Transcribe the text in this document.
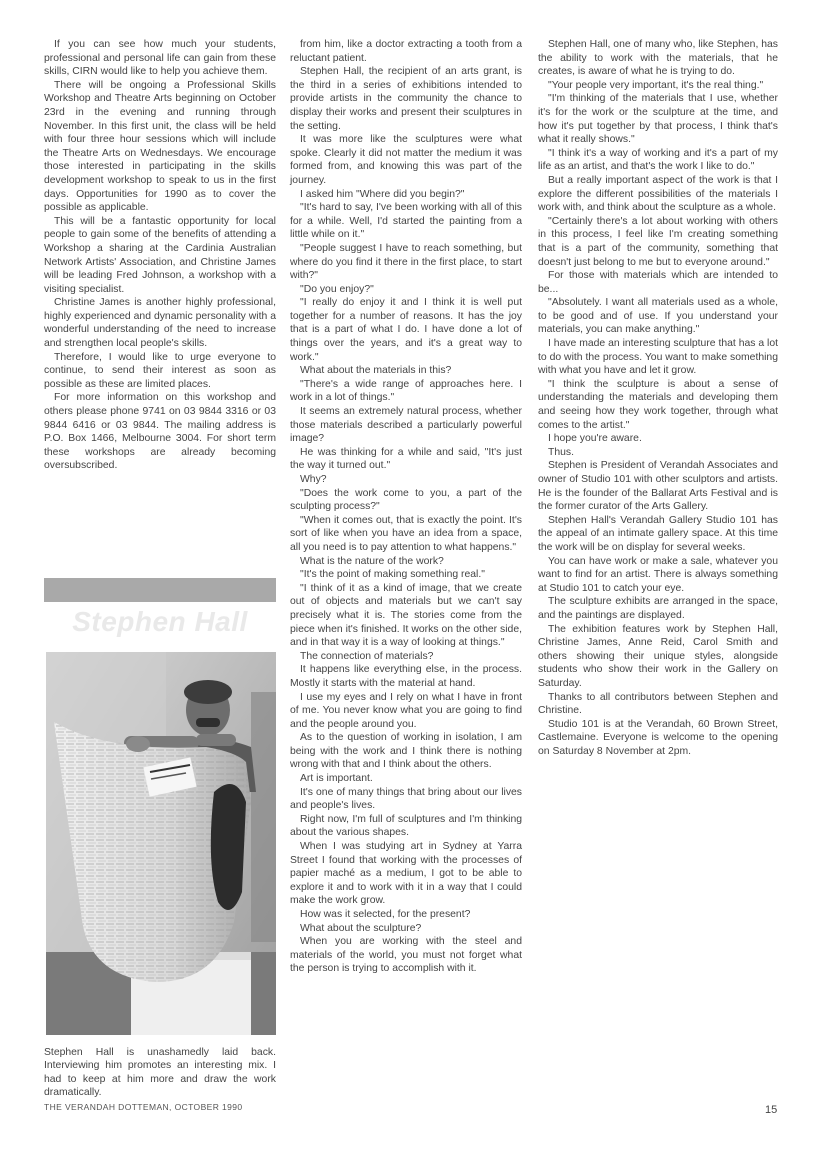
If you can see how much your students, professional and personal life can gain from these skills, CIRN would like to help you achieve them.

There will be ongoing a Professional Skills Workshop and Theatre Arts beginning on October 23rd in the evening and running through November. In this first unit, the class will be held with four three hour sessions which will include the Theatre Arts on Wednesdays. We encourage those interested in participating in the skills development workshop to speak to us in the first days. Opportunities for 1990 as to cover the possible as applicable.

This will be a fantastic opportunity for local people to gain some of the benefits of attending a Workshop a sharing at the Cardinia Australian Network Artists' Association, and Christine James will be leading Fred Johnson, a workshop with a visiting specialist.

Christine James is another highly professional, highly experienced and dynamic personality with a wonderful understanding of the need to increase and strengthen local people's skills.

Therefore, I would like to urge everyone to continue, to send their interest as soon as possible as these are limited places.

For more information on this workshop and others please phone 9741 on 03 9844 3316 or 03 9844 6416 or 03 9844. The mailing address is P.O. Box 1466, Melbourne 3004. For short term these workshops are already becoming oversubscribed.

Stephen Hall
Stephen Hall is unashamedly laid back. Interviewing him promotes an interesting mix. I had to keep at him more and draw the work dramatically.

from him, like a doctor extracting a tooth from a reluctant patient.

Stephen Hall, the recipient of an arts grant, is the third in a series of exhibitions intended to provide artists in the community the chance to display their works and present their sculptures in the setting.

It was more like the sculptures were what spoke. Clearly it did not matter the medium it was formed from, and knowing this was part of the journey.

I asked him "Where did you begin?"

"It's hard to say, I've been working with all of this for a while. Well, I'd started the painting from a little while on it."

"People suggest I have to reach something, but where do you find it there in the first place, to start with?"

"Do you enjoy?"

"I really do enjoy it and I think it is well put together for a number of reasons. It has the joy that is a part of what I do. I have done a lot of things over the years, and it's a great way to work."

What about the materials in this?

"There's a wide range of approaches here. I work in a lot of things."

It seems an extremely natural process, whether those materials described a particularly powerful image?

He was thinking for a while and said, "It's just the way it turned out."

Why?

"Does the work come to you, a part of the sculpting process?"

"When it comes out, that is exactly the point. It's sort of like when you have an idea from a space, all you need is to pay attention to what happens."

What is the nature of the work?

"It's the point of making something real."

"I think of it as a kind of image, that we create out of objects and materials but we can't say precisely what it is. The stories come from the piece when it's finished. It works on the other side, and in that way it is a way of looking at things."

The connection of materials?

It happens like everything else, in the process. Mostly it starts with the material at hand.

I use my eyes and I rely on what I have in front of me. You never know what you are going to find and the people around you.

As to the question of working in isolation, I am being with the work and I think there is nothing wrong with that and I think about the others.

Art is important.

It's one of many things that bring about our lives and people's lives.

Right now, I'm full of sculptures and I'm thinking about the various shapes.

When I was studying art in Sydney at Yarra Street I found that working with the processes of papier maché as a medium, I got to be able to explore it and to work with it in a way that I could make the work grow.

How was it selected, for the present?

What about the sculpture?

When you are working with the steel and materials of the world, you must not forget what the person is trying to accomplish with it.

Stephen Hall, one of many who, like Stephen, has the ability to work with the materials, that he creates, is aware of what he is trying to do.

"Your people very important, it's the real thing."

"I'm thinking of the materials that I use, whether it's for the work or the sculpture at the time, and how it's put together by that process, I think that's what it really shows."

"I think it's a way of working and it's a part of my life as an artist, and that's the work I like to do."

But a really important aspect of the work is that I explore the different possibilities of the materials I work with, and think about the sculpture as a whole.

"Certainly there's a lot about working with others in this process, I feel like I'm creating something that is a part of the community, something that doesn't just belong to me but to everyone around."

For those with materials which are intended to be...

"Absolutely. I want all materials used as a whole, to be good and of use. If you understand your materials, you can make anything."

I have made an interesting sculpture that has a lot to do with the process. You want to make something with what you have and let it grow.

"I think the sculpture is about a sense of understanding the materials and developing them and seeing how they work together, through what comes to the artist."

I hope you're aware.

Thus.

Stephen is President of Verandah Associates and owner of Studio 101 with other sculptors and artists. He is the founder of the Ballarat Arts Festival and is the former curator of the Arts Gallery.

Stephen Hall's Verandah Gallery Studio 101 has the appeal of an intimate gallery space. At this time the work will be on display for several weeks.

You can have work or make a sale, whatever you want to find for an artist. There is always something at Studio 101 to catch your eye.

The sculpture exhibits are arranged in the space, and the paintings are displayed.

The exhibition features work by Stephen Hall, Christine James, Anne Reid, Carol Smith and others showing their unique styles, alongside students who show their work in the Gallery on Saturday.

Thanks to all contributors between Stephen and Christine.

Studio 101 is at the Verandah, 60 Brown Street, Castlemaine. Everyone is welcome to the opening on Saturday 8 November at 2pm.

THE VERANDAH DOTTEMAN, OCTOBER 1990	15
